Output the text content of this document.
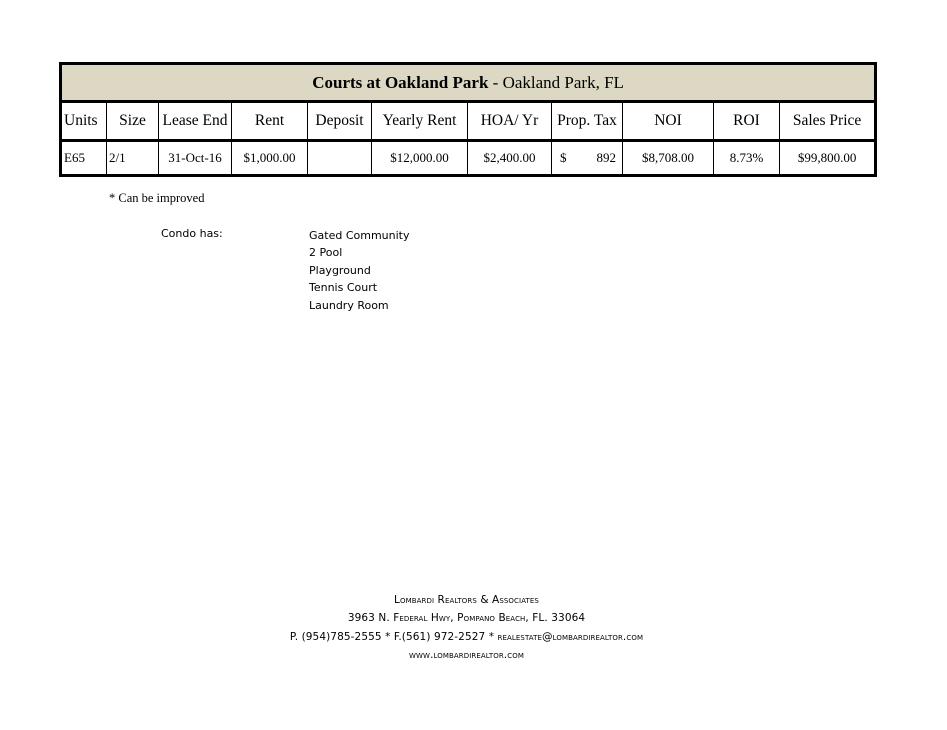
Courts at Oakland Park - Oakland Park, FL										
Units	Size	Lease End	Rent	Deposit	Yearly Rent	HOA/ Yr	Prop. Tax	NOI	ROI	Sales Price
E65	2/1	31-Oct-16	$1,000.00		$12,000.00	$2,400.00	$ 892	$8,708.00	8.73%	$99,800.00
* Can be improved
Condo has:	Gated Community
2 Pool
Playground
Tennis Court
Laundry Room
Lombardi Realtors & Associates
3963 N. Federal Hwy, Pompano Beach, FL. 33064
P. (954)785-2555 * F.(561) 972-2527 * realestate@lombardirealtor.com
www.lombardirealtor.com
